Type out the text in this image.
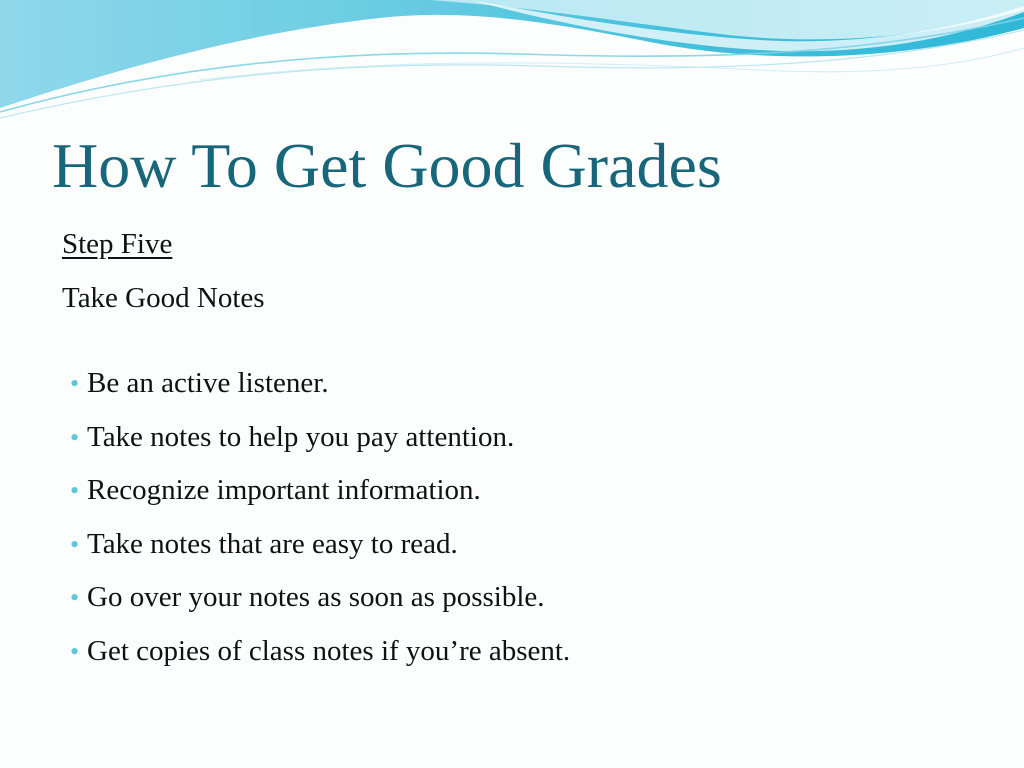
How To Get Good Grades
Step Five
Take Good Notes
• Be an active listener.
• Take notes to help you pay attention.
• Recognize important information.
• Take notes that are easy to read.
• Go over your notes as soon as possible.
• Get copies of class notes if you’re absent.
